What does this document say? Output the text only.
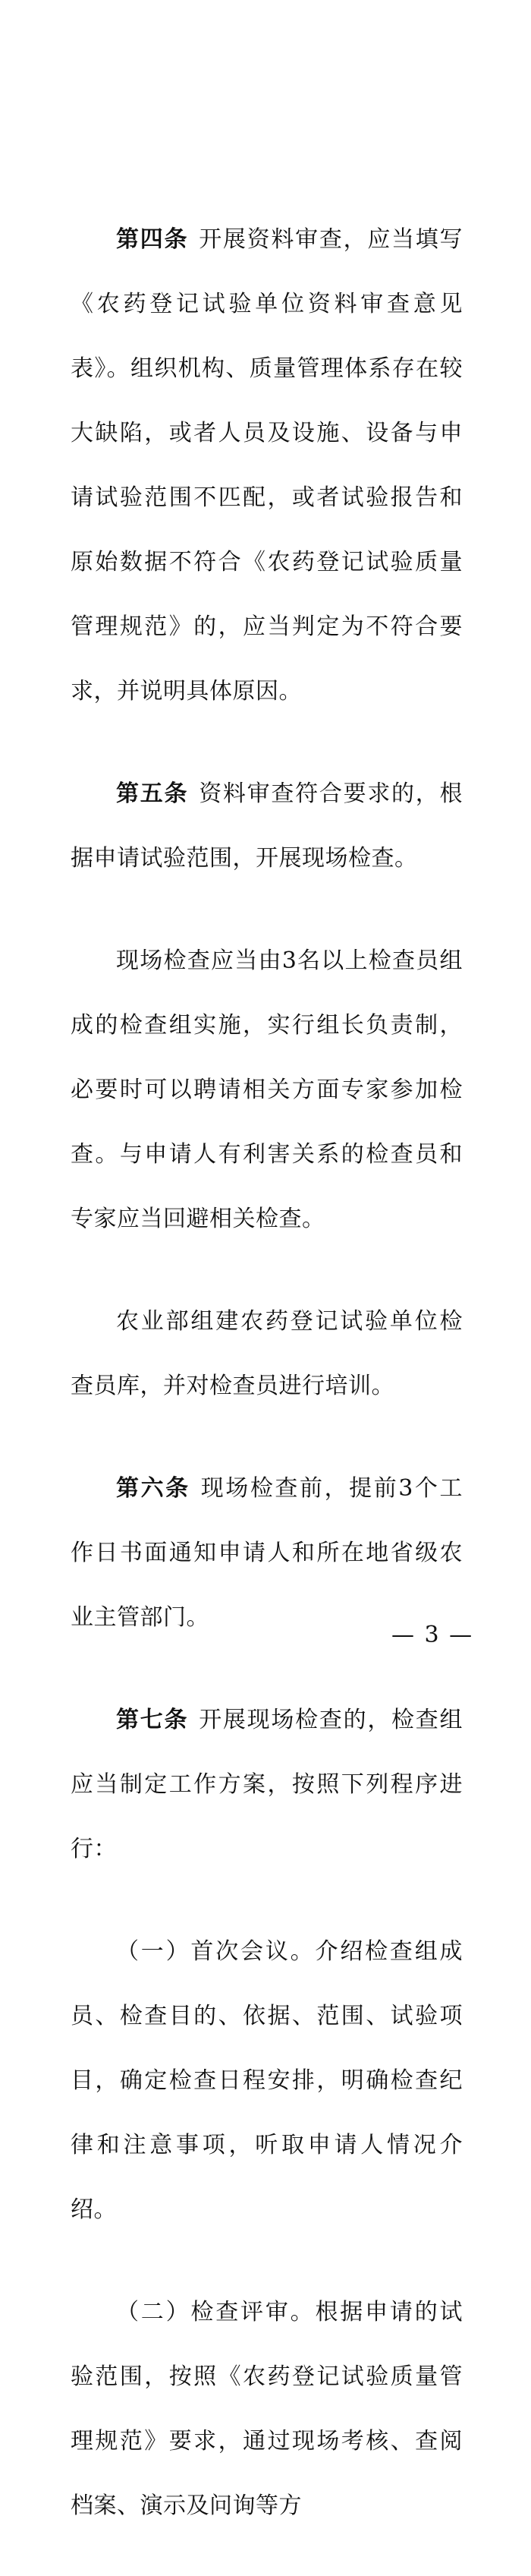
第四条 开展资料审查，应当填写《农药登记试验单位资料审查意见表》。组织机构、质量管理体系存在较大缺陷，或者人员及设施、设备与申请试验范围不匹配，或者试验报告和原始数据不符合《农药登记试验质量管理规范》的，应当判定为不符合要求，并说明具体原因。

第五条 资料审查符合要求的，根据申请试验范围，开展现场检查。

现场检查应当由3名以上检查员组成的检查组实施，实行组长负责制，必要时可以聘请相关方面专家参加检查。与申请人有利害关系的检查员和专家应当回避相关检查。

农业部组建农药登记试验单位检查员库，并对检查员进行培训。

第六条 现场检查前，提前3个工作日书面通知申请人和所在地省级农业主管部门。

第七条 开展现场检查的，检查组应当制定工作方案，按照下列程序进行：

（一）首次会议。介绍检查组成员、检查目的、依据、范围、试验项目，确定检查日程安排，明确检查纪律和注意事项，听取申请人情况介绍。

（二）检查评审。根据申请的试验范围，按照《农药登记试验质量管理规范》要求，通过现场考核、查阅档案、演示及问询等方

— 3 —
